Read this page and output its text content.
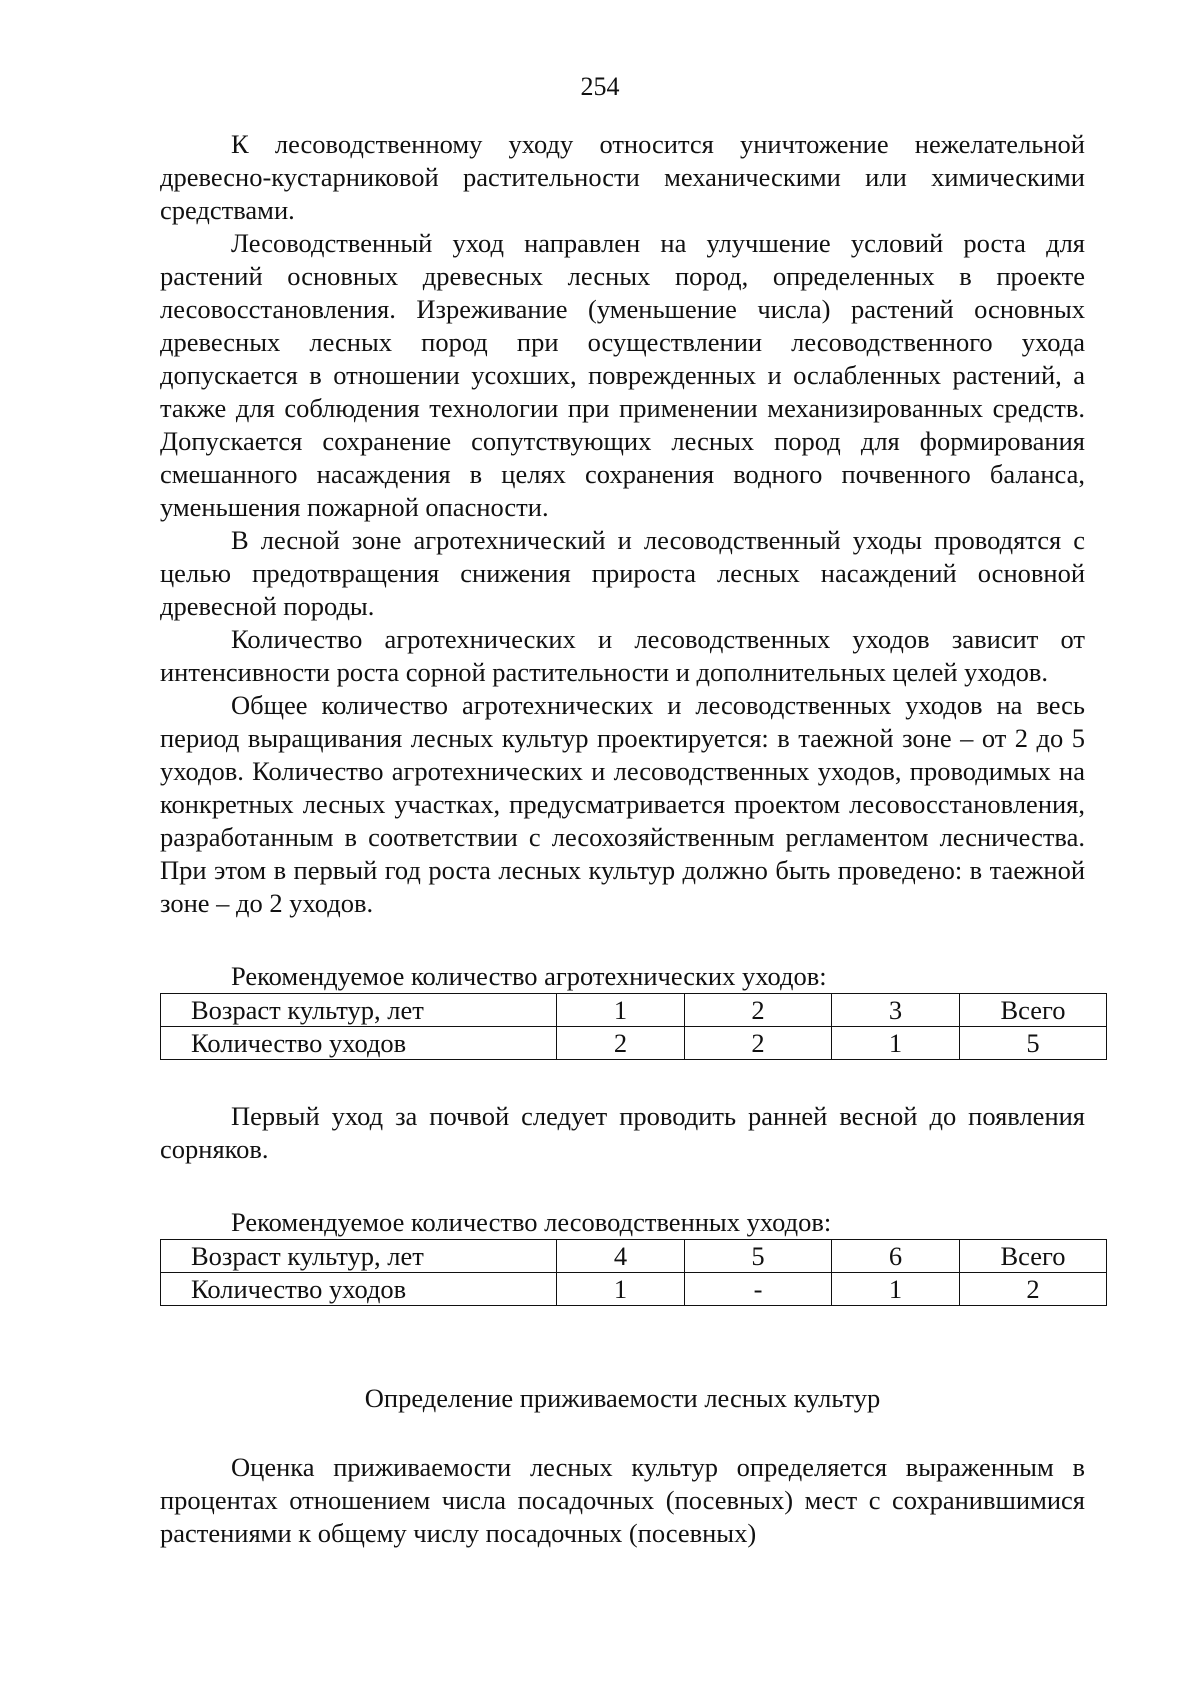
254

К лесоводственному уходу относится уничтожение нежелательной древесно-кустарниковой растительности механическими или химическими средствами.

Лесоводственный уход направлен на улучшение условий роста для растений основных древесных лесных пород, определенных в проекте лесовосстановления. Изреживание (уменьшение числа) растений основных древесных лесных пород при осуществлении лесоводственного ухода допускается в отношении усохших, поврежденных и ослабленных растений, а также для соблюдения технологии при применении механизированных средств. Допускается сохранение сопутствующих лесных пород для формирования смешанного насаждения в целях сохранения водного почвенного баланса, уменьшения пожарной опасности.

В лесной зоне агротехнический и лесоводственный уходы проводятся с целью предотвращения снижения прироста лесных насаждений основной древесной породы.

Количество агротехнических и лесоводственных уходов зависит от интенсивности роста сорной растительности и дополнительных целей уходов.

Общее количество агротехнических и лесоводственных уходов на весь период выращивания лесных культур проектируется: в таежной зоне – от 2 до 5 уходов. Количество агротехнических и лесоводственных уходов, проводимых на конкретных лесных участках, предусматривается проектом лесовосстановления, разработанным в соответствии с лесохозяйственным регламентом лесничества. При этом в первый год роста лесных культур должно быть проведено: в таежной зоне – до 2 уходов.

Рекомендуемое количество агротехнических уходов:

Возраст культур, лет	1	2	3	Всего
Количество уходов	2	2	1	5

Первый уход за почвой следует проводить ранней весной до появления сорняков.

Рекомендуемое количество лесоводственных уходов:

Возраст культур, лет	4	5	6	Всего
Количество уходов	1	-	1	2

Определение приживаемости лесных культур

Оценка приживаемости лесных культур определяется выраженным в процентах отношением числа посадочных (посевных) мест с сохранившимися растениями к общему числу посадочных (посевных)
